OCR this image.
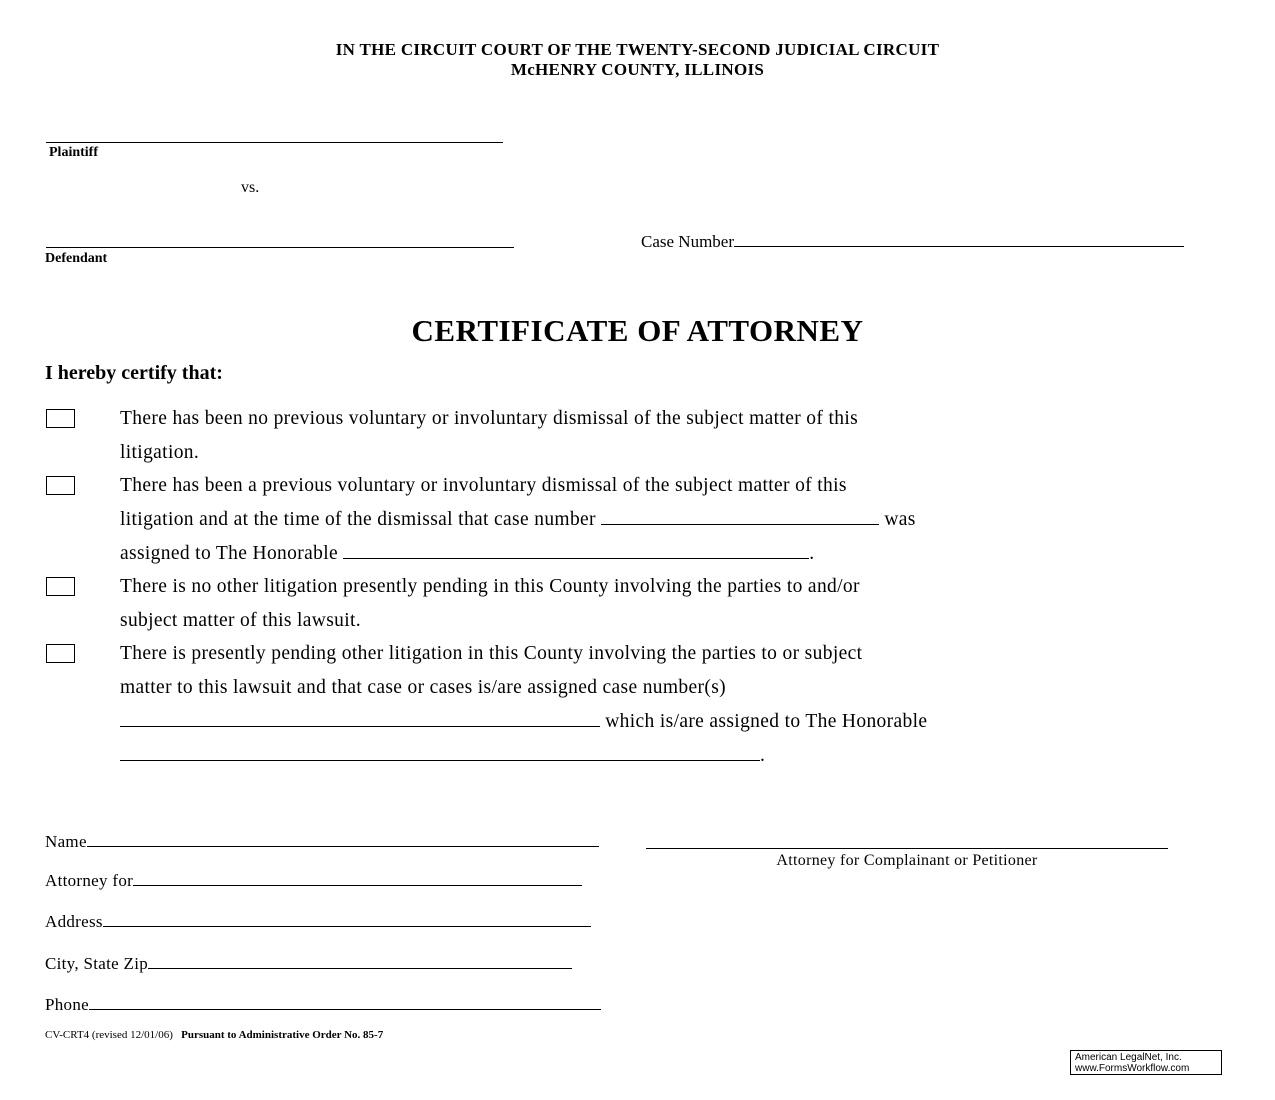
IN THE CIRCUIT COURT OF THE TWENTY-SECOND JUDICIAL CIRCUIT
McHENRY COUNTY, ILLINOIS
Plaintiff
vs.
Defendant
Case Number
CERTIFICATE OF ATTORNEY
I hereby certify that:
There has been no previous voluntary or involuntary dismissal of the subject matter of this
litigation.
There has been a previous voluntary or involuntary dismissal of the subject matter of this
litigation and at the time of the dismissal that case number	was
assigned to The Honorable	.
There is no other litigation presently pending in this County involving the parties to and/or
subject matter of this lawsuit.
There is presently pending other litigation in this County involving the parties to or subject
matter to this lawsuit and that case or cases is/are assigned case number(s)
which is/are assigned to The Honorable
.
Name
Attorney for
Address
City, State Zip
Phone
Attorney for Complainant or Petitioner
CV-CRT4 (revised 12/01/06) Pursuant to Administrative Order No. 85-7
American LegalNet, Inc.
www.FormsWorkflow.com
